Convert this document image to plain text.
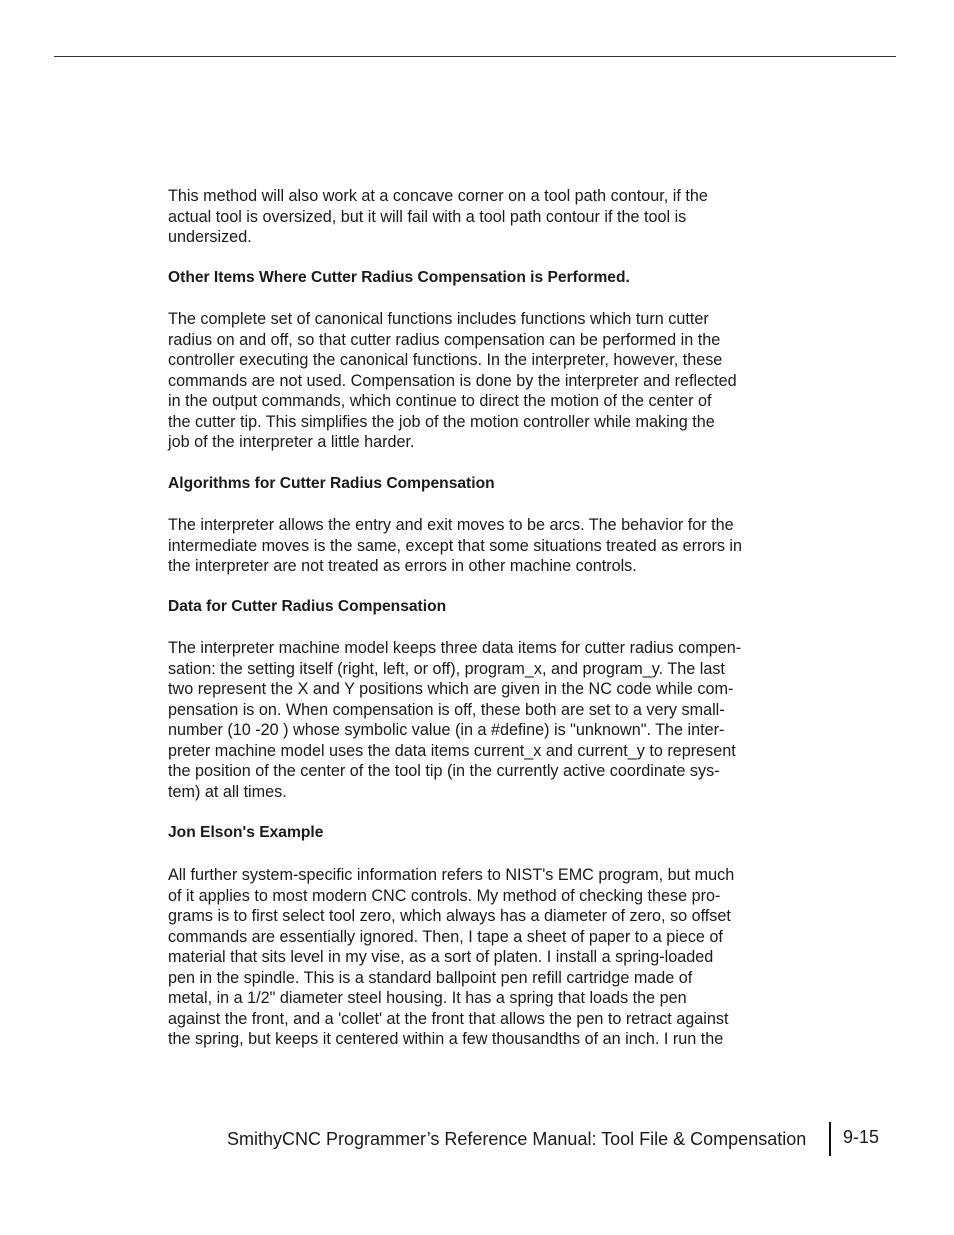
This method will also work at a concave corner on a tool path contour, if the
actual tool is oversized, but it will fail with a tool path contour if the tool is
undersized.
Other Items Where Cutter Radius Compensation is Performed.
The complete set of canonical functions includes functions which turn cutter
radius on and off, so that cutter radius compensation can be performed in the
controller executing the canonical functions. In the interpreter, however, these
commands are not used. Compensation is done by the interpreter and reflected
in the output commands, which continue to direct the motion of the center of
the cutter tip. This simplifies the job of the motion controller while making the
job of the interpreter a little harder.
Algorithms for Cutter Radius Compensation
The interpreter allows the entry and exit moves to be arcs. The behavior for the
intermediate moves is the same, except that some situations treated as errors in
the interpreter are not treated as errors in other machine controls.
Data for Cutter Radius Compensation
The interpreter machine model keeps three data items for cutter radius compen-
sation: the setting itself (right, left, or off), program_x, and program_y. The last
two represent the X and Y positions which are given in the NC code while com-
pensation is on. When compensation is off, these both are set to a very small-
number (10 -20 ) whose symbolic value (in a #define) is "unknown". The inter-
preter machine model uses the data items current_x and current_y to represent
the position of the center of the tool tip (in the currently active coordinate sys-
tem) at all times.
Jon Elson's Example
All further system-specific information refers to NIST's EMC program, but much
of it applies to most modern CNC controls. My method of checking these pro-
grams is to first select tool zero, which always has a diameter of zero, so offset
commands are essentially ignored. Then, I tape a sheet of paper to a piece of
material that sits level in my vise, as a sort of platen. I install a spring-loaded
pen in the spindle. This is a standard ballpoint pen refill cartridge made of
metal, in a 1/2" diameter steel housing. It has a spring that loads the pen
against the front, and a 'collet' at the front that allows the pen to retract against
the spring, but keeps it centered within a few thousandths of an inch. I run the
SmithyCNC Programmer’s Reference Manual: Tool File & Compensation 9-15
